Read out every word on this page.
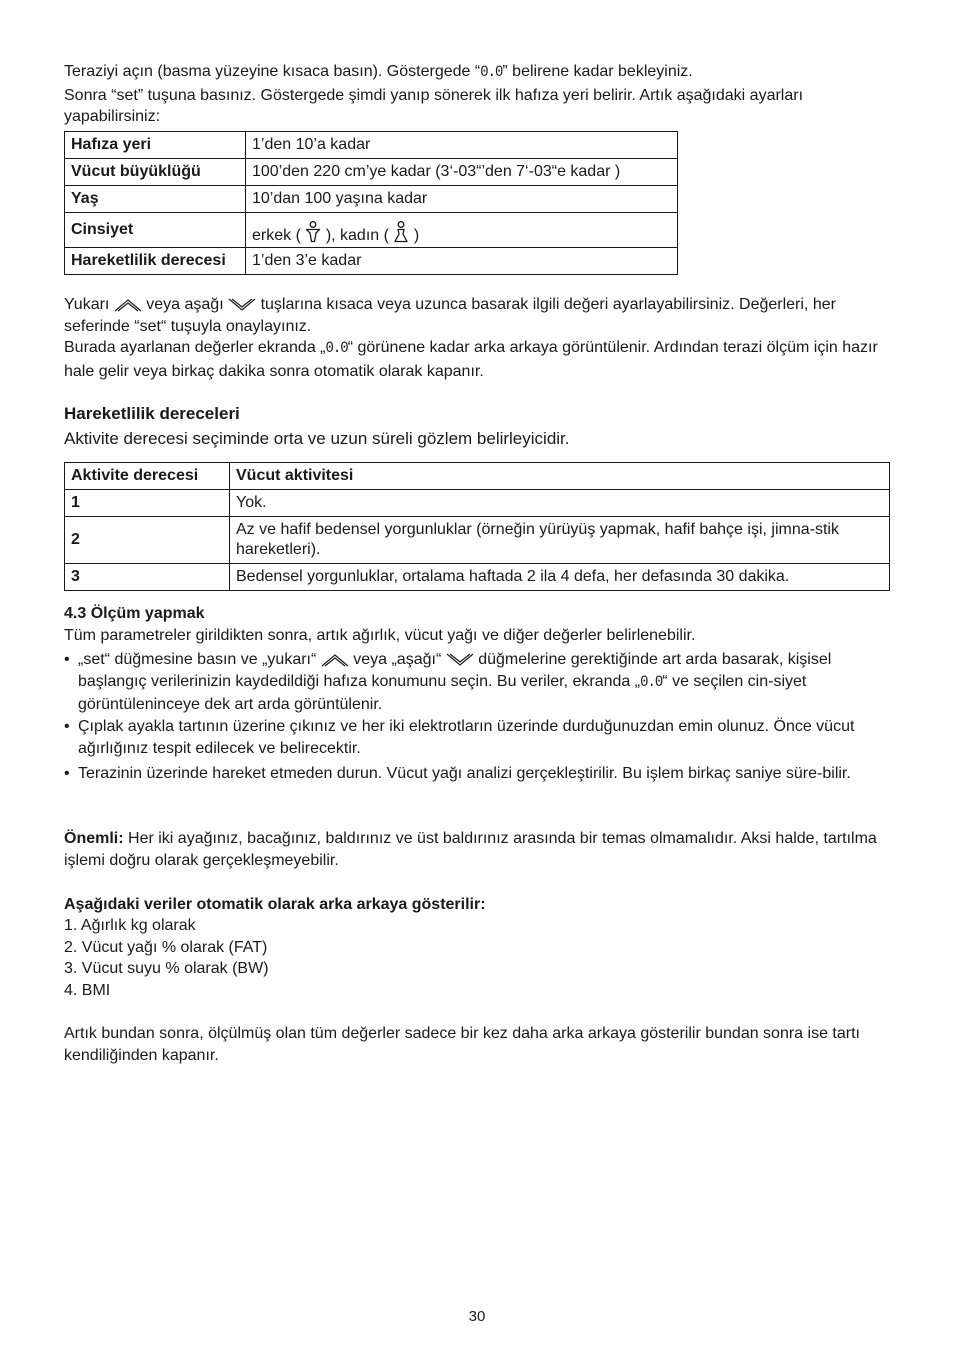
Teraziyi açın (basma yüzeyine kısaca basın). Göstergede “0.0” belirene kadar bekleyiniz.
Sonra “set” tuşuna basınız. Göstergede şimdi yanıp sönerek ilk hafıza yeri belirir. Artık aşağıdaki ayarları yapabilirsiniz:

Hafıza yeri	1’den 10’a kadar
Vücut büyüklüğü	100’den 220 cm’ye kadar (3‘-03“’den 7‘-03“e kadar )
Yaş	10’dan 100 yaşına kadar
Cinsiyet	erkek ( ), kadın ( )
Hareketlilik derecesi	1’den 3’e kadar

Yukarı veya aşağı tuşlarına kısaca veya uzunca basarak ilgili değeri ayarlayabilirsiniz. Değerleri, her seferinde “set“ tuşuyla onaylayınız.
Burada ayarlanan değerler ekranda „0.0“ görünene kadar arka arkaya görüntülenir. Ardından terazi ölçüm için hazır hale gelir veya birkaç dakika sonra otomatik olarak kapanır.

Hareketlilik dereceleri

Aktivite derecesi seçiminde orta ve uzun süreli gözlem belirleyicidir.

Aktivite derecesi	Vücut aktivitesi
1	Yok.
2	Az ve hafif bedensel yorgunluklar (örneğin yürüyüş yapmak, hafif bahçe işi, jimna-stik hareketleri).
3	Bedensel yorgunluklar, ortalama haftada 2 ila 4 defa, her defasında 30 dakika.

4.3 Ölçüm yapmak

Tüm parametreler girildikten sonra, artık ağırlık, vücut yağı ve diğer değerler belirlenebilir.

• „set“ düğmesine basın ve „yukarı“ veya „aşağı“ düğmelerine gerektiğinde art arda basarak, kişisel başlangıç verilerinizin kaydedildiği hafıza konumunu seçin. Bu veriler, ekranda „0.0“ ve seçilen cin-siyet görüntüleninceye dek art arda görüntülenir.
• Çıplak ayakla tartının üzerine çıkınız ve her iki elektrotların üzerinde durduğunuzdan emin olunuz. Önce vücut ağırlığınız tespit edilecek ve belirecektir.
• Terazinin üzerinde hareket etmeden durun. Vücut yağı analizi gerçekleştirilir. Bu işlem birkaç saniye süre-bilir.

Önemli: Her iki ayağınız, bacağınız, baldırınız ve üst baldırınız arasında bir temas olmamalıdır. Aksi halde, tartılma işlemi doğru olarak gerçekleşmeyebilir.

Aşağıdaki veriler otomatik olarak arka arkaya gösterilir:

1. Ağırlık kg olarak

2. Vücut yağı % olarak (FAT)

3. Vücut suyu % olarak (BW)

4. BMI

Artık bundan sonra, ölçülmüş olan tüm değerler sadece bir kez daha arka arkaya gösterilir bundan sonra ise tartı kendiliğinden kapanır.

30
